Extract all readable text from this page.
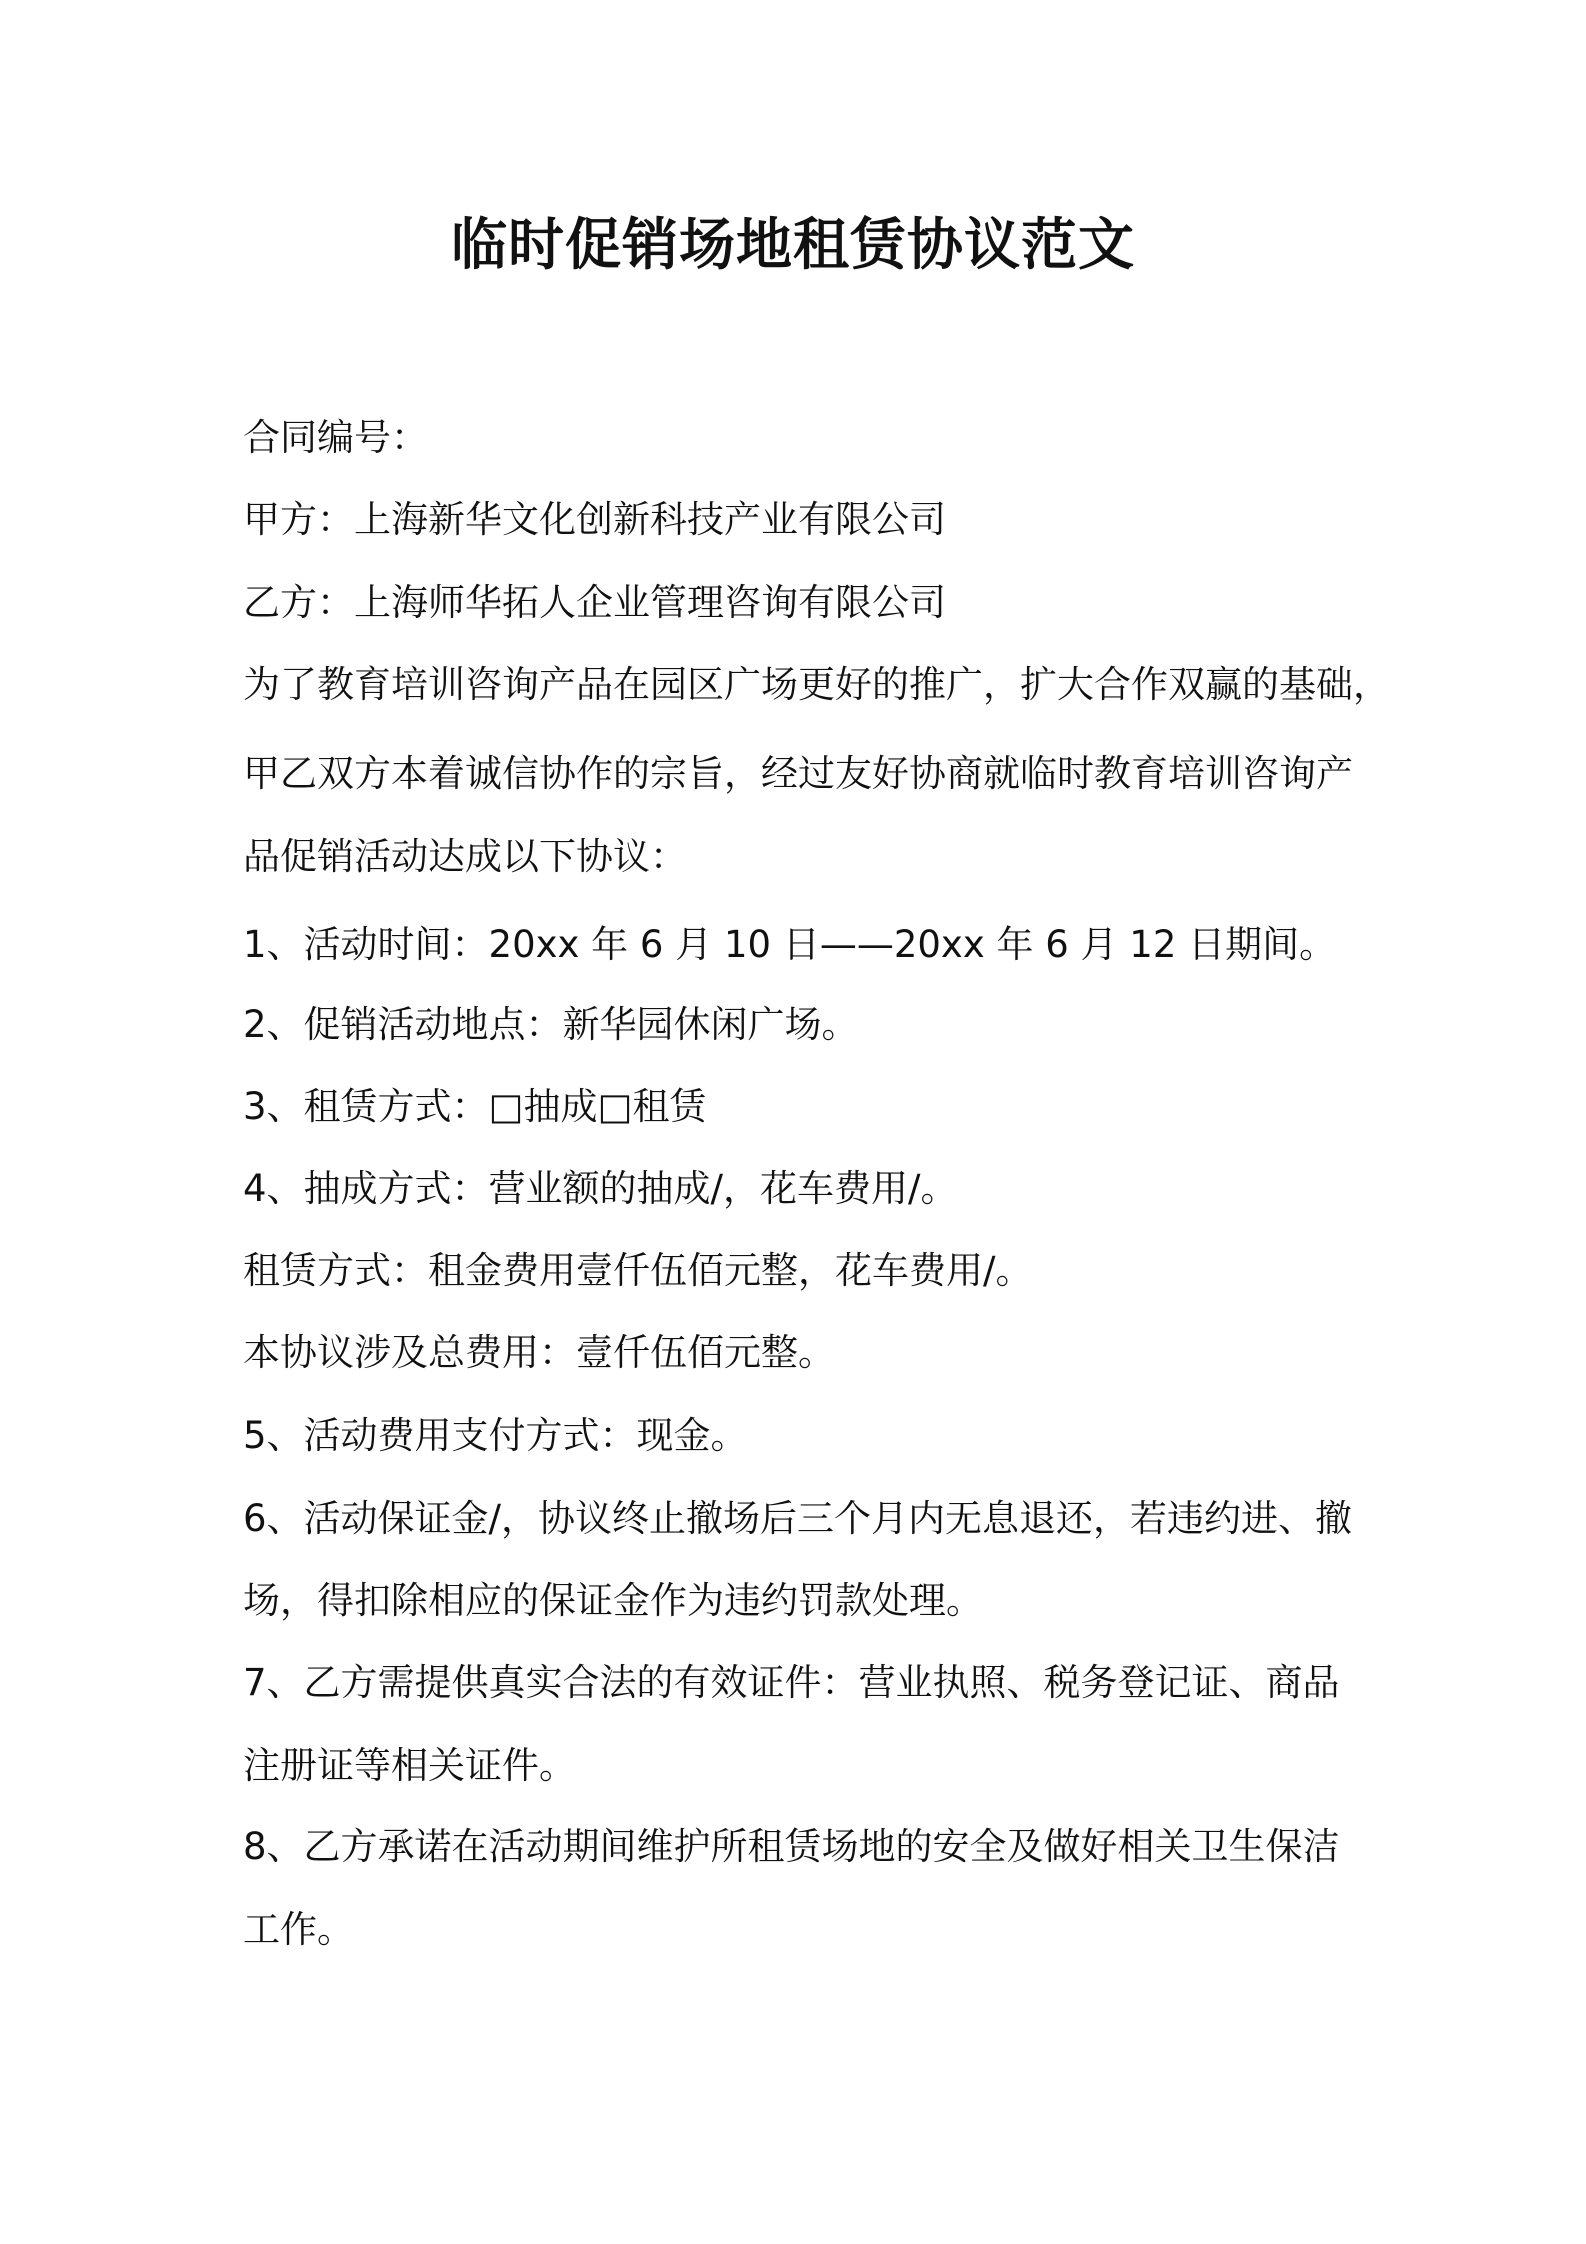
临时促销场地租赁协议范文
合同编号：
甲方：上海新华文化创新科技产业有限公司
乙方：上海师华拓人企业管理咨询有限公司
为了教育培训咨询产品在园区广场更好的推广，扩大合作双赢的基础，
甲乙双方本着诚信协作的宗旨，经过友好协商就临时教育培训咨询产
品促销活动达成以下协议：
1、活动时间：20xx 年 6 月 10 日——20xx 年 6 月 12 日期间。
2、促销活动地点：新华园休闲广场。
3、租赁方式：□抽成□租赁
4、抽成方式：营业额的抽成/，花车费用/。
租赁方式：租金费用壹仟伍佰元整，花车费用/。
本协议涉及总费用：壹仟伍佰元整。
5、活动费用支付方式：现金。
6、活动保证金/，协议终止撤场后三个月内无息退还，若违约进、撤
场，得扣除相应的保证金作为违约罚款处理。
7、乙方需提供真实合法的有效证件：营业执照、税务登记证、商品
注册证等相关证件。
8、乙方承诺在活动期间维护所租赁场地的安全及做好相关卫生保洁
工作。
